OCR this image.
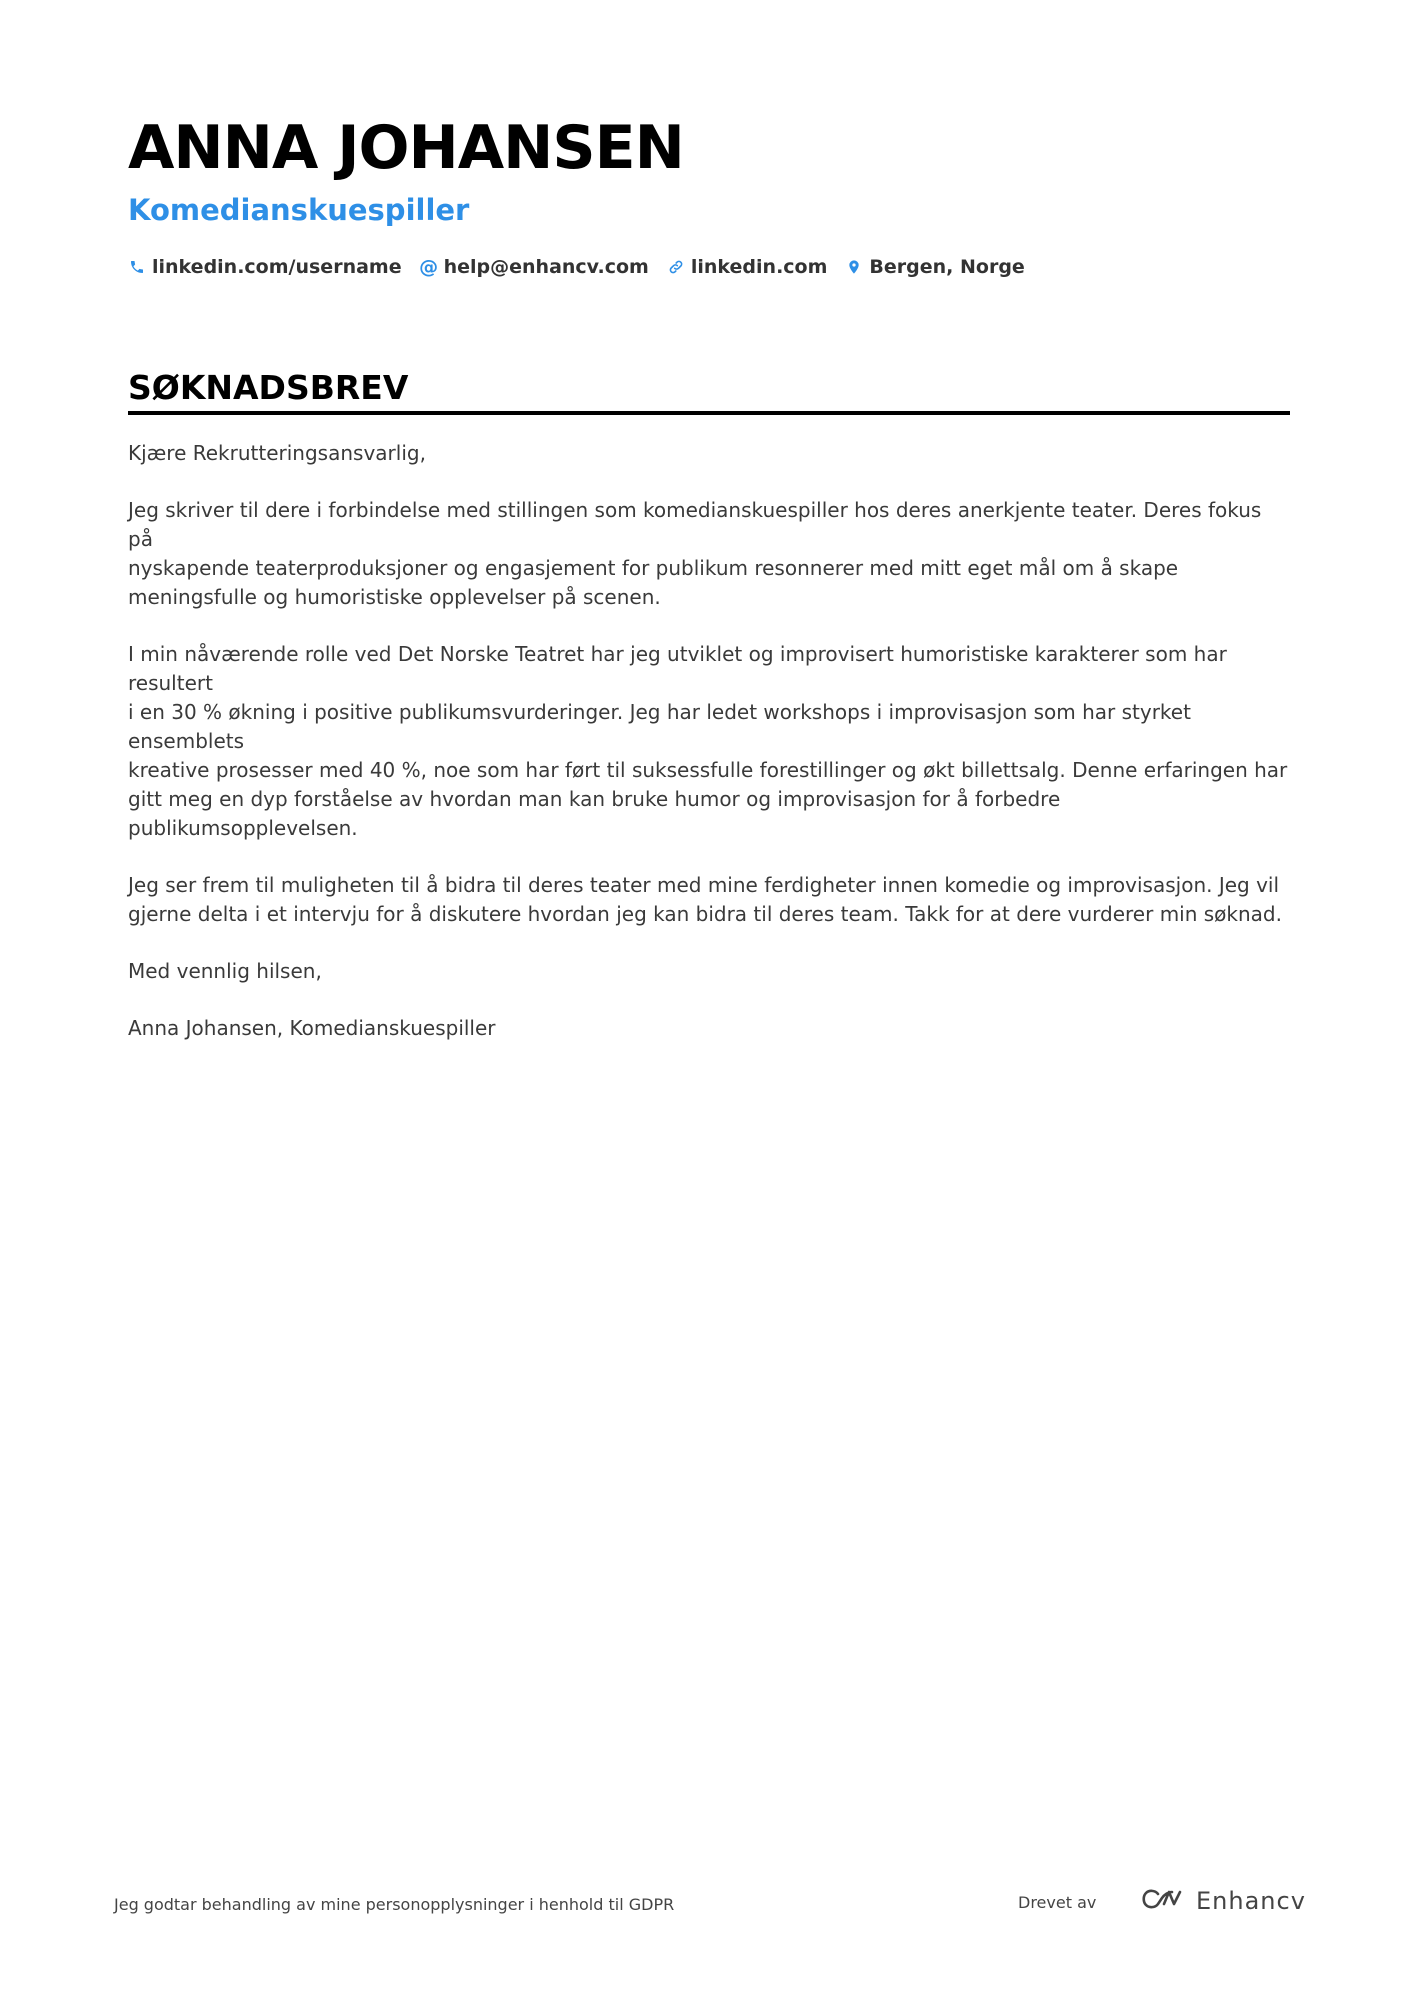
ANNA JOHANSEN
Komedianskuespiller
linkedin.com/username @ help@enhancv.com linkedin.com Bergen, Norge
SØKNADSBREV

Kjære Rekrutteringsansvarlig,

Jeg skriver til dere i forbindelse med stillingen som komedianskuespiller hos deres anerkjente teater. Deres fokus på
nyskapende teaterproduksjoner og engasjement for publikum resonnerer med mitt eget mål om å skape
meningsfulle og humoristiske opplevelser på scenen.

I min nåværende rolle ved Det Norske Teatret har jeg utviklet og improvisert humoristiske karakterer som har resultert
i en 30 % økning i positive publikumsvurderinger. Jeg har ledet workshops i improvisasjon som har styrket ensemblets
kreative prosesser med 40 %, noe som har ført til suksessfulle forestillinger og økt billettsalg. Denne erfaringen har
gitt meg en dyp forståelse av hvordan man kan bruke humor og improvisasjon for å forbedre publikumsopplevelsen.

Jeg ser frem til muligheten til å bidra til deres teater med mine ferdigheter innen komedie og improvisasjon. Jeg vil
gjerne delta i et intervju for å diskutere hvordan jeg kan bidra til deres team. Takk for at dere vurderer min søknad.

Med vennlig hilsen,

Anna Johansen, Komedianskuespiller

Jeg godtar behandling av mine personopplysninger i henhold til GDPR	Drevet av	Enhancv
